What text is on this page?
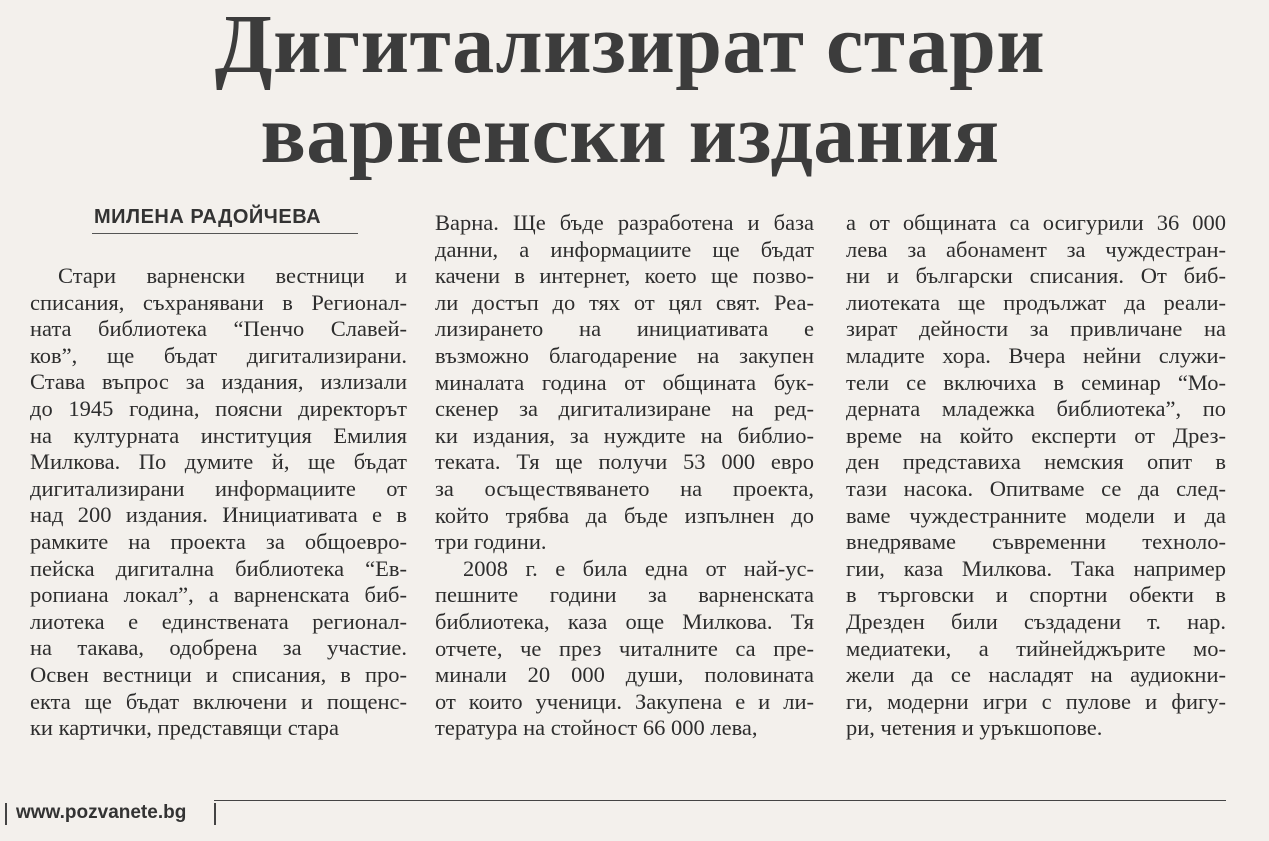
Дигитализират стари
варненски издания
МИЛЕНА РАДОЙЧЕВА
Стари варненски вестници и
списания, съхранявани в Регионал-
ната библиотека “Пенчо Славей-
ков”, ще бъдат дигитализирани.
Става въпрос за издания, излизали
до 1945 година, поясни директорът
на културната институция Емилия
Милкова. По думите й, ще бъдат
дигитализирани информациите от
над 200 издания. Инициативата е в
рамките на проекта за общоевро-
пейска дигитална библиотека “Ев-
ропиана локал”, а варненската биб-
лиотека е единствената регионал-
на такава, одобрена за участие.
Освен вестници и списания, в про-
екта ще бъдат включени и пощенс-
ки картички, представящи стара
Варна. Ще бъде разработена и база
данни, а информациите ще бъдат
качени в интернет, което ще позво-
ли достъп до тях от цял свят. Реа-
лизирането на инициативата е
възможно благодарение на закупен
миналата година от общината бук-
скенер за дигитализиране на ред-
ки издания, за нуждите на библио-
теката. Тя ще получи 53 000 евро
за осъществяването на проекта,
който трябва да бъде изпълнен до
три години.
2008 г. е била една от най-ус-
пешните години за варненската
библиотека, каза още Милкова. Тя
отчете, че през читалните са пре-
минали 20 000 души, половината
от които ученици. Закупена е и ли-
тература на стойност 66 000 лева,
а от общината са осигурили 36 000
лева за абонамент за чуждестран-
ни и български списания. От биб-
лиотеката ще продължат да реали-
зират дейности за привличане на
младите хора. Вчера нейни служи-
тели се включиха в семинар “Мо-
дерната младежка библиотека”, по
време на който експерти от Дрез-
ден представиха немския опит в
тази насока. Опитваме се да след-
ваме чуждестранните модели и да
внедряваме съвременни техноло-
гии, каза Милкова. Така например
в търговски и спортни обекти в
Дрезден били създадени т. нар.
медиатеки, а тийнейджърите мо-
жели да се насладят на аудиокни-
ги, модерни игри с пулове и фигу-
ри, четения и уръкшопове.
www.pozvanete.bg
